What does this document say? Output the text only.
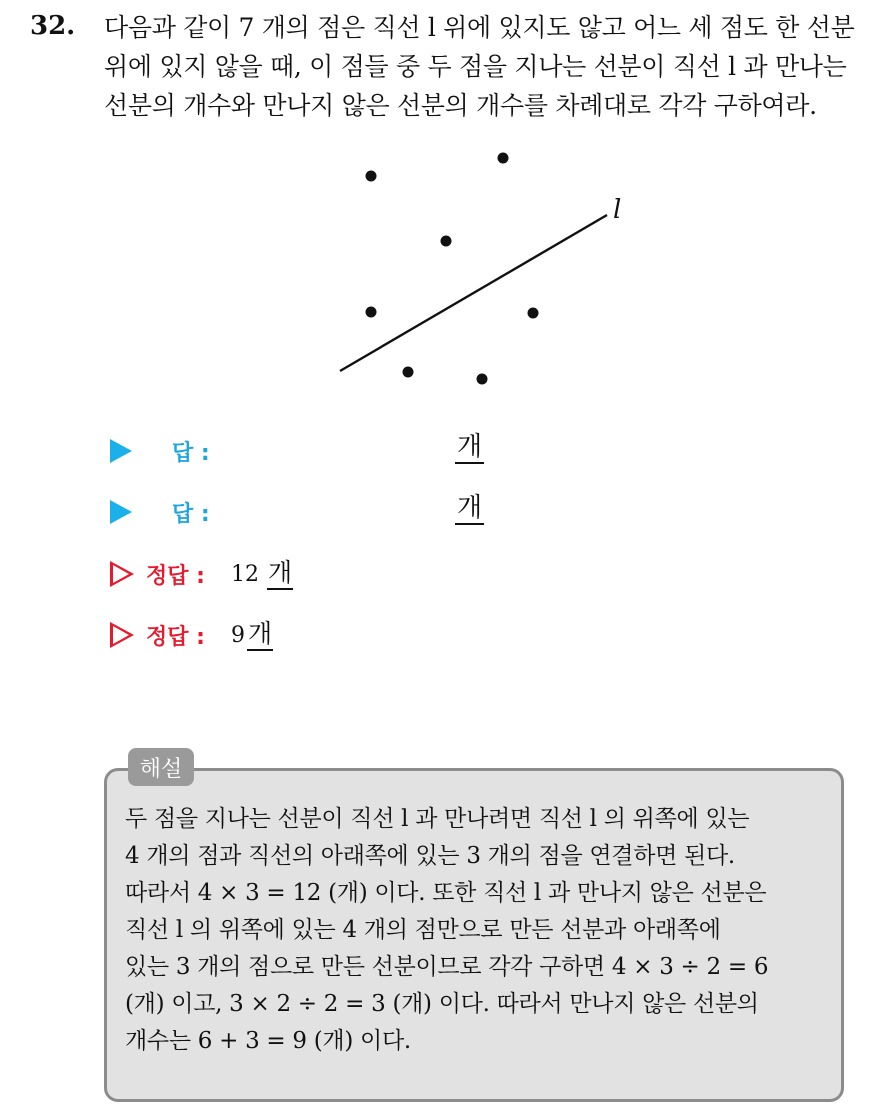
32. 다음과 같이 7 개의 점은 직선 l 위에 있지도 않고 어느 세 점도 한 선분
위에 있지 않을 때, 이 점들 중 두 점을 지나는 선분이 직선 l 과 만나는
선분의 개수와 만나지 않은 선분의 개수를 차례대로 각각 구하여라.
l
답 :	개
답 :	개
정답 : 12 개
정답 : 9 개
해설
두 점을 지나는 선분이 직선 l 과 만나려면 직선 l 의 위쪽에 있는
4 개의 점과 직선의 아래쪽에 있는 3 개의 점을 연결하면 된다.
따라서 4 × 3 = 12 (개) 이다. 또한 직선 l 과 만나지 않은 선분은
직선 l 의 위쪽에 있는 4 개의 점만으로 만든 선분과 아래쪽에
있는 3 개의 점으로 만든 선분이므로 각각 구하면 4 × 3 ÷ 2 = 6
(개) 이고, 3 × 2 ÷ 2 = 3 (개) 이다. 따라서 만나지 않은 선분의
개수는 6 + 3 = 9 (개) 이다.
